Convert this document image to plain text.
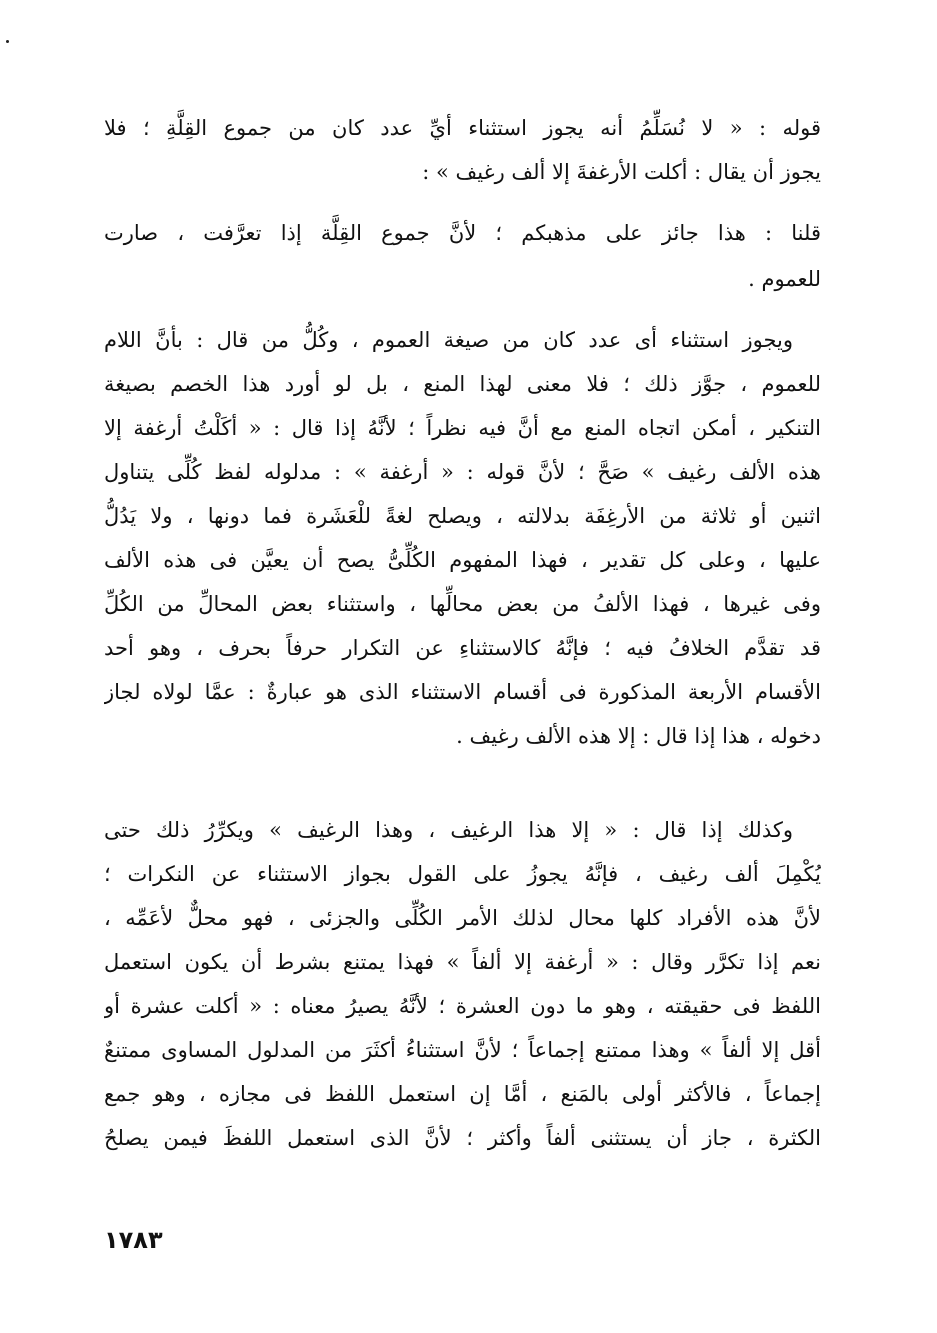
قوله : « لا نُسَلِّمُ أنه يجوز استثناء أيِّ عدد كان من جموع القِلَّةِ ؛ فلا
يجوز أن يقال : أكلت الأرغفةَ إلا ألف رغيف » :
قلنا : هذا جائز على مذهبكم ؛ لأنَّ جموع القِلَّة إذا تعرَّفت ، صارت
للعموم .
ويجوز استثناء أى عدد كان من صيغة العموم ، وكُلُّ من قال : بأنَّ اللام
للعموم ، جوَّز ذلك ؛ فلا معنى لهذا المنع ، بل لو أورد هذا الخصم بصيغة
التنكير ، أمكن اتجاه المنع مع أنَّ فيه نظراً ؛ لأنَّهُ إذا قال : « أكَلْتُ أرغفة إلا
هذه الألف رغيف » صَحَّ ؛ لأنَّ قوله : « أرغفة » : مدلوله لفظ كُلِّى يتناول
اثنين أو ثلاثة من الأرغِفَة بدلالته ، ويصلح لغةً للْعَشَرة فما دونها ، ولا يَدُلُّ
عليها ، وعلى كل تقدير ، فهذا المفهوم الكُلِّىُّ يصح أن يعيَّن فى هذه الألف
وفى غيرها ، فهذا الألفُ من بعض محالِّها ، واستثناء بعض المحالِّ من الكُلِّ
قد تقدَّم الخلافُ فيه ؛ فإنَّهُ كالاستثناءِ عن التكرار حرفاً بحرف ، وهو أحد
الأقسام الأربعة المذكورة فى أقسام الاستثناء الذى هو عبارةٌ : عمَّا لولاه لجاز
دخوله ، هذا إذا قال : إلا هذه الألف رغيف .
وكذلك إذا قال : « إلا هذا الرغيف ، وهذا الرغيف » ويكرِّرُ ذلك حتى
يُكْمِلَ ألف رغيف ، فإنَّهُ يجوزُ على القول بجواز الاستثناء عن النكرات ؛
لأنَّ هذه الأفراد كلها محال لذلك الأمر الكُلِّى والجزئى ، فهو محلٌّ لأعَمِّه ،
نعم إذا تكرَّر وقال : « أرغفة إلا ألفاً » فهذا يمتنع بشرط أن يكون استعمل
اللفظ فى حقيقته ، وهو ما دون العشرة ؛ لأنَّهُ يصيرُ معناه : « أكلت عشرة أو
أقل إلا ألفاً » وهذا ممتنع إجماعاً ؛ لأنَّ استثناءُ أكثَرَ من المدلول المساوى ممتنعٌ
إجماعاً ، فالأكثر أولى بالمَنع ، أمَّا إن استعمل اللفظ فى مجازه ، وهو جمع
الكثرة ، جاز أن يستثنى ألفاً وأكثر ؛ لأنَّ الذى استعمل اللفظَ فيمن يصلحُ
١٧٨٣
